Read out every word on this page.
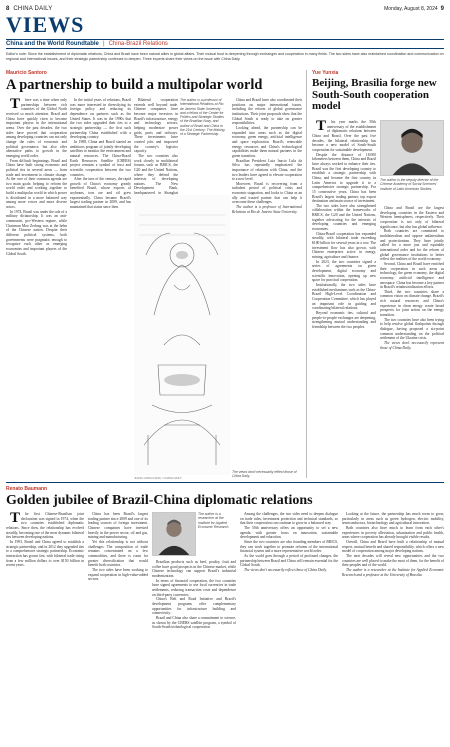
8 CHINA DAILY	Monday, August 8, 2024 9
VIEWS
China and the World Roundtable | China-Brazil Relations
Editor's note: Since the establishment of diplomatic relations, China and Brazil have been natural allies in global affairs. Their mutual trust is deepening through exchanges and cooperation in many fields. The two sides have also maintained coordination and communication on regional and international issues, and their strategic partnership continues to deepen. Three experts share their views on the issue with China Daily.
Mauricio Santoro
A partnership to build a multipolar world

There was a time when only partnerships between rich countries of the Global North received so much attention. Brazil and China have quickly risen to become important players in the international arena. Over the past decades, the two sides have proved that cooperation among developing countries can not only change the rules of economic and political governance, but also offer alternative paths to growth in the emerging world order.

From difficult beginnings, Brazil and China have built strong economic and political ties in several areas — from trade and investment to climate change. At the core of their common agenda are two main goals: helping to reform the world order and working together to build a multipolar world in which power is distributed in a more balanced way among more voices and more diverse actors.

In 1974, Brazil was under the rule of a military dictatorship. It was an anti-communist, pro-Western regime, while Chairman Mao Zedong was at the helm of the Chinese nation. Despite their different political systems, both governments were pragmatic enough to recognize each other as emerging economies and important players of the Global South.

In the initial years of relations, Brazil was more interested in diversifying its foreign policy and reducing its dependence on partners such as the United States. It was in the 1990s that the two sides upgraded their ties to a strategic partnership — the first such partnership China established with a developing country.

In 1988, China and Brazil started an ambitious program of jointly developing satellites to monitor the environment and natural resources. The China-Brazil Earth Resources Satellite (CBERS) project remains a symbol of trust and scientific cooperation between the two countries.

After the turn of the century, the rapid growth of China's economy greatly benefited Brazil, whose exports of soybeans, iron ore and oil grew exponentially. China became Brazil's largest trading partner in 2009, and has maintained that status since then.

Bilateral cooperation extends well beyond trade. Chinese companies have become major investors in Brazil's infrastructure, energy and technology sectors, helping modernize power grids, ports and railways. These investments have created jobs and improved the country's logistics capacity.

The two countries also work closely in multilateral forums such as BRICS, the G20 and the United Nations, where they defend the interests of developing nations. The New Development Bank, headquartered in Shanghai

The author is a professor of International Relations at Rio de Janeiro State University and a fellow of the Center for Politics and Strategic Studies of the Brazilian Navy, and author of Brazil and China in the 21st Century: The Making of a Strategic Partnership.

China and Brazil have also coordinated their positions on major international issues, including the reform of global governance institutions. Their joint proposals show that the Global South is ready to take on greater responsibilities.

Looking ahead, the partnership can be expanded into areas such as the digital economy, green energy, artificial intelligence and space exploration. Brazil's renewable energy resources and China's technological capabilities make them natural partners in the green transition.

Brazilian President Luiz Inacio Lula da Silva has repeatedly emphasized the importance of relations with China, and the two leaders have agreed to elevate cooperation to a new level.

Moreover, Brazil is recovering from a turbulent period of political crisis and economic stagnation, and looks to China as an ally and trusted partner that can help it overcome these challenges.

The author is a professor of International Relations at Rio de Janeiro State University.

The views don't necessarily reflect those of China Daily.
JIANG HONGYANG / CHINA DAILY
Yue Yunxia
Beijing, Brasilia forge new South-South cooperation model

This year marks the 50th anniversary of the establishment of diplomatic relations between China and Brazil. Over the past five decades, the bilateral relationship has become a new model of South-South cooperation for sustainable development.

Despite the distance of 18,000 kilometers between them, China and Brazil have always worked to enhance their ties. Brazil was the first developing country to establish a strategic partnership with China, and became the first country in Latin America to upgrade it to a comprehensive strategic partnership. For 15 consecutive years, China has been Brazil's largest trading partner, top export destination and main source of investment.

The two sides have also strengthened collaboration within the frameworks of BRICS, the G20 and the United Nations, together advocating for the interests of developing countries and emerging economies.

China-Brazil cooperation has expanded steadily, with bilateral trade exceeding $180 billion for several years in a row. The investment flow has also grown, with Chinese enterprises active in energy, mining, agriculture and finance.

In 2023, the two countries signed a series of agreements on green development, digital economy and scientific innovation, opening up new space for practical cooperation.

Institutionally, the two sides have established mechanisms such as the China-Brazil High-Level Coordination and Cooperation Committee, which has played an important role in guiding and coordinating bilateral relations.

Beyond economic ties, cultural and people-to-people exchanges are deepening, strengthening mutual understanding and friendship between the two peoples.

The author is the deputy director of the Chinese Academy of Social Sciences' Institute of Latin American Studies.

China and Brazil are the largest developing countries in the Eastern and Western hemispheres, respectively. Their cooperation is not only of bilateral significance, but also has global influence.

Both countries are committed to multilateralism and oppose unilateralism and protectionism. They have jointly called for a more just and equitable international order and for the reform of global governance institutions to better reflect the realities of the world economy.

Second, China and Brazil have enriched their cooperation in such areas as technology, the green economy, the digital economy, artificial intelligence and aerospace. China has become a key partner in Brazil's reindustrialization efforts.

Third, the two countries share a common vision on climate change. Brazil's rich natural resources and China's experience in clean energy create broad prospects for joint action on the energy transition.

The two countries have also been trying to help resolve global flashpoints through dialogue, having proposed a six-point common understanding on the political settlement of the Ukraine crisis.

The views don't necessarily represent those of China Daily.

Renato Baumann
Golden jubilee of Brazil-China diplomatic relations

The first Chinese-Brazilian joint declaration was signed in 1974, when the two countries established diplomatic relations. Since then, the relationship has evolved steadily, becoming one of the most dynamic bilateral ties between developing nations.

In 1993, Brazil and China agreed to establish a strategic partnership, and in 2012 they upgraded ties to a comprehensive strategic partnership. Economic interaction has grown fast, with bilateral trade rising from a few million dollars to over $150 billion in recent years.

China has been Brazil's largest trading partner since 2009 and one of its leading sources of foreign investment. Chinese companies have invested heavily in the power sector, oil and gas, mining and manufacturing.

Yet this relationship is not without challenges. The composition of trade remains concentrated on a few commodities, and there is room for greater diversification that would benefit both countries.

The two sides have been working to expand cooperation in high-value-added sectors.

The author is a researcher at the Institute for Applied Economic Research.

Brazilian products such as beef, poultry, fruit and coffee have good prospects in the Chinese market, while Chinese technology can support Brazil's industrial modernization.

In terms of financial cooperation, the two countries have signed agreements to use local currencies in trade settlements, reducing transaction costs and dependence on third-party currencies.

China's Belt and Road Initiative and Brazil's development programs offer complementary opportunities for infrastructure building and connectivity.

Brazil and China also share a commitment to science, as shown by the CBERS satellite program, a symbol of South-South technological cooperation.

Among the challenges, the two sides need to deepen dialogue on trade rules, investment protection and technical standards, so that their cooperation can continue to grow in a balanced way.

The 50th anniversary offers an opportunity to set a new agenda, with greater focus on innovation, sustainable development and education.

Since the two countries are also founding members of BRICS, they can work together to promote reforms of the international financial system and a more representative world order.

As the world goes through a period of profound changes, the partnership between Brazil and China will remain essential for the Global South.

The views don't necessarily reflect those of China Daily.

Looking at the future, the partnership has much room to grow, particularly in areas such as green hydrogen, electric mobility, semiconductors, biotechnology and agricultural innovation.

Both countries also have much to learn from each other's experiences in poverty alleviation, urbanization and public health, areas where cooperation has already brought visible results.

Overall, China and Brazil have built a relationship of mutual respect, mutual benefit and shared responsibility, which offers a new model of cooperation among major developing nations.

The next decades will reveal new opportunities and the two countries are well placed to make the most of them, for the benefit of their peoples and of the world.

The author is a researcher at the Institute for Applied Economic Research and a professor at the University of Brasilia.
